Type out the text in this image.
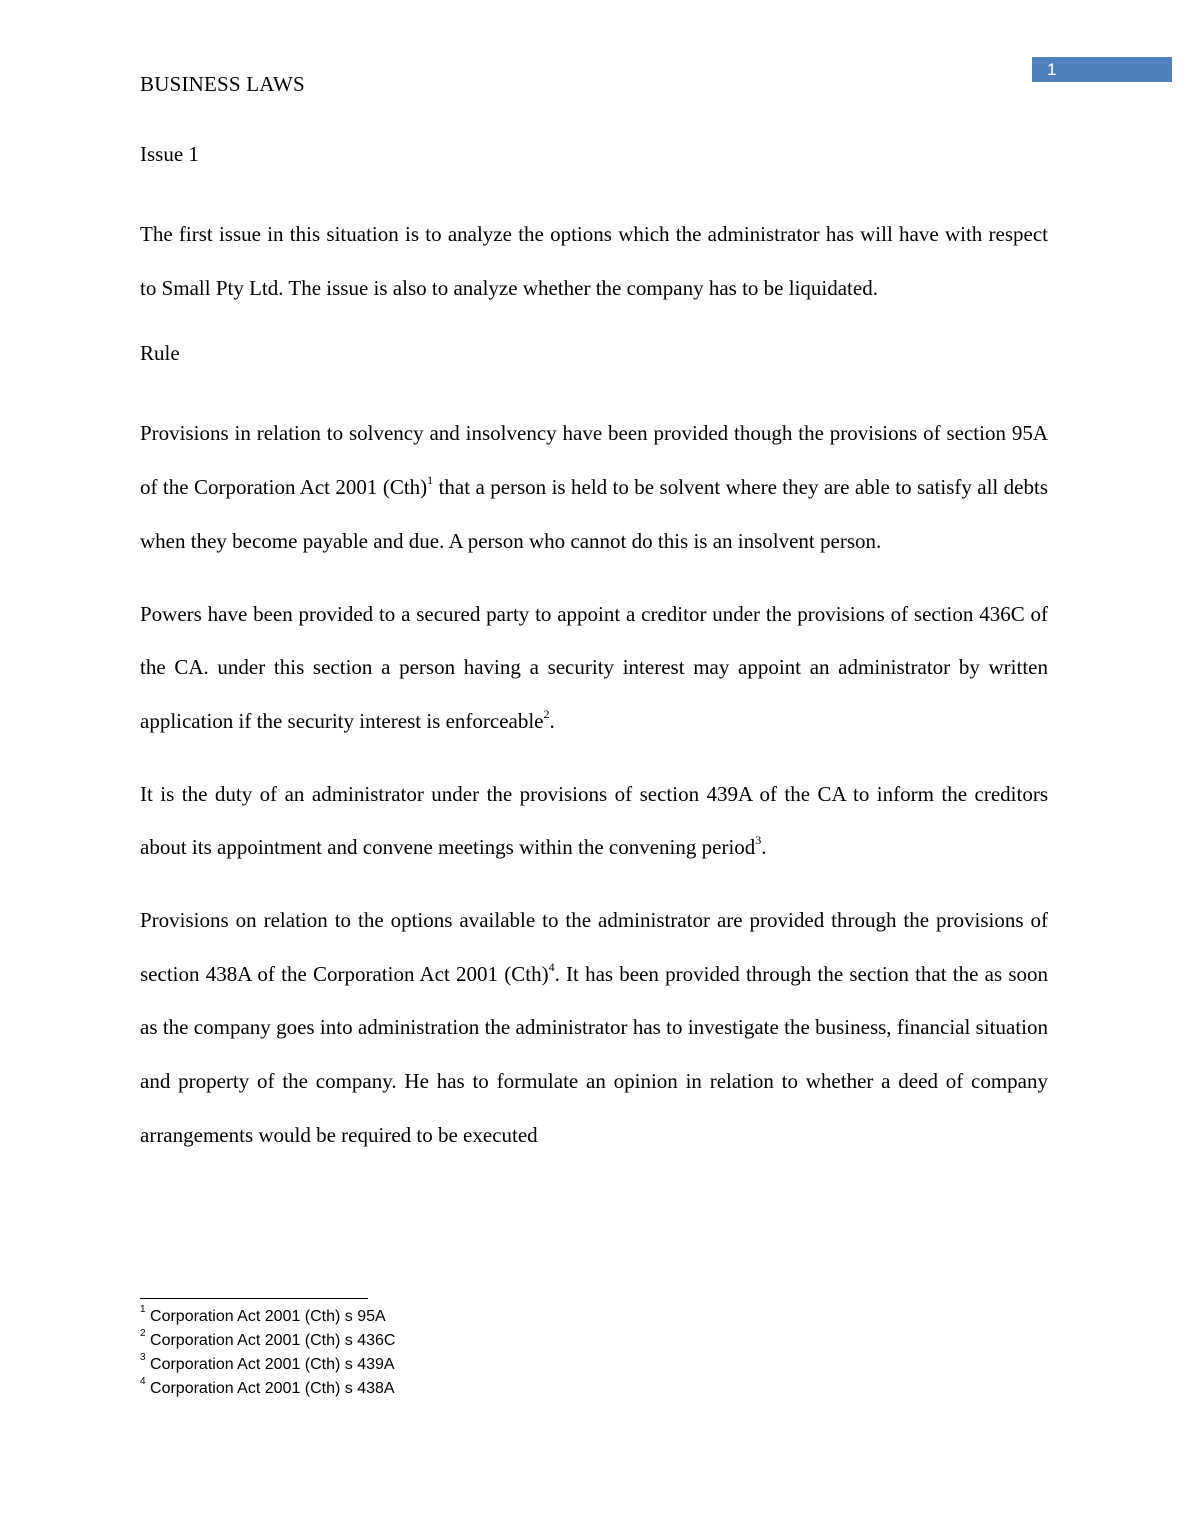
1
BUSINESS LAWS
Issue 1

The first issue in this situation is to analyze the options which the administrator has will have with respect to Small Pty Ltd. The issue is also to analyze whether the company has to be liquidated.

Rule

Provisions in relation to solvency and insolvency have been provided though the provisions of section 95A of the Corporation Act 2001 (Cth)$^1$ that a person is held to be solvent where they are able to satisfy all debts when they become payable and due. A person who cannot do this is an insolvent person.

Powers have been provided to a secured party to appoint a creditor under the provisions of section 436C of the CA. under this section a person having a security interest may appoint an administrator by written application if the security interest is enforceable$^2$.

It is the duty of an administrator under the provisions of section 439A of the CA to inform the creditors about its appointment and convene meetings within the convening period$^3$.

Provisions on relation to the options available to the administrator are provided through the provisions of section 438A of the Corporation Act 2001 (Cth)$^4$. It has been provided through the section that the as soon as the company goes into administration the administrator has to investigate the business, financial situation and property of the company. He has to formulate an opinion in relation to whether a deed of company arrangements would be required to be executed

$^1$ Corporation Act 2001 (Cth) s 95A
$^2$ Corporation Act 2001 (Cth) s 436C
$^3$ Corporation Act 2001 (Cth) s 439A
$^4$ Corporation Act 2001 (Cth) s 438A
